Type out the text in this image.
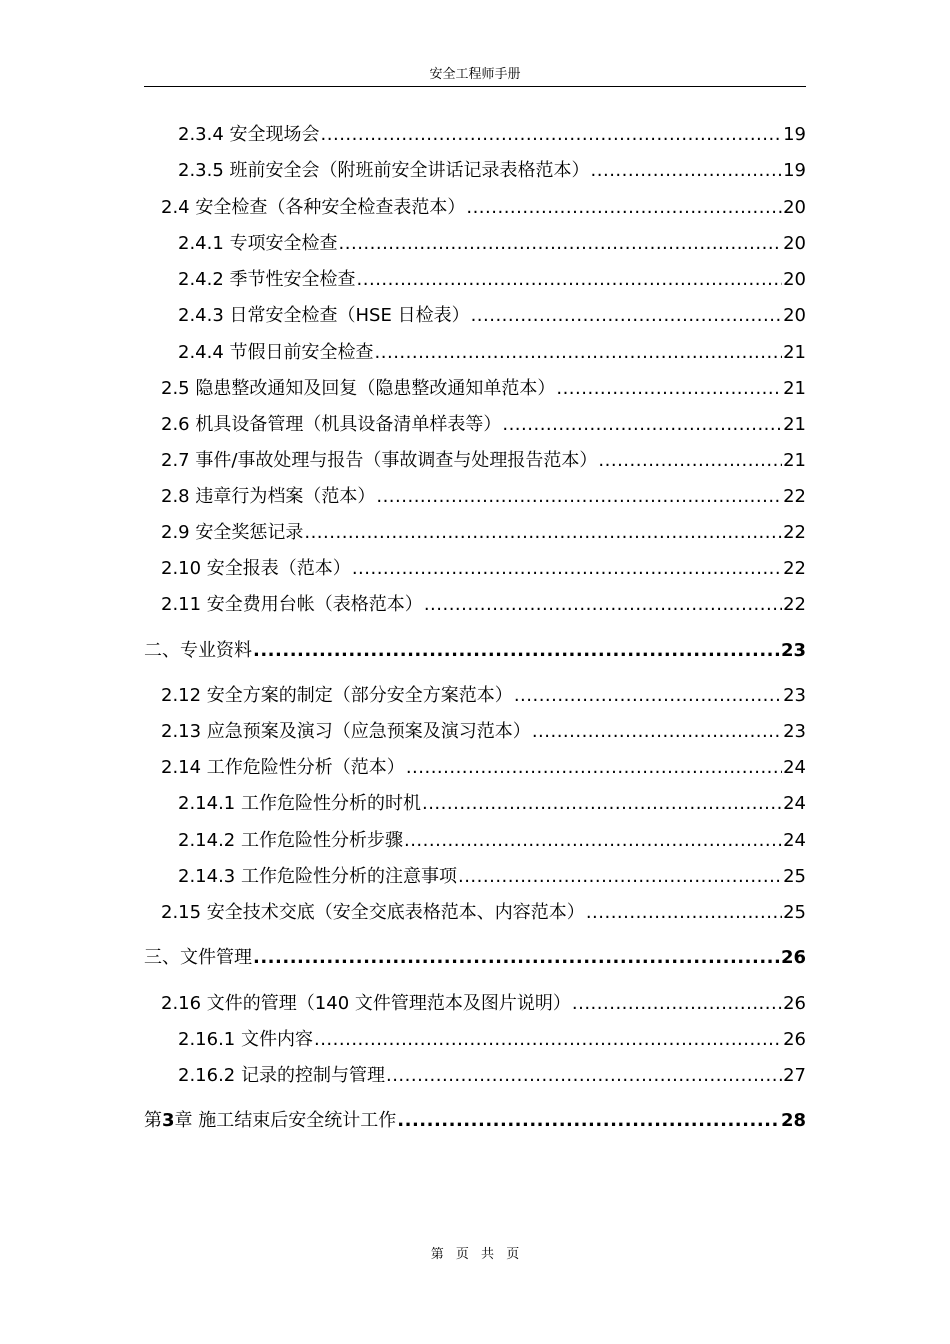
安全工程师手册
2.3.4 安全现场会 .....	19
2.3.5 班前安全会（附班前安全讲话记录表格范本） .....	19
2.4 安全检查（各种安全检查表范本） .....	20
2.4.1 专项安全检查 .....	20
2.4.2 季节性安全检查 .....	20
2.4.3 日常安全检查（HSE 日检表） .....	20
2.4.4 节假日前安全检查 .....	21
2.5 隐患整改通知及回复（隐患整改通知单范本） .....	21
2.6 机具设备管理（机具设备清单样表等） .....	21
2.7 事件/事故处理与报告（事故调查与处理报告范本） .....	21
2.8 违章行为档案（范本） .....	22
2.9 安全奖惩记录 .....	22
2.10 安全报表（范本） .....	22
2.11 安全费用台帐（表格范本） .....	22
二、专业资料 .....	23
2.12 安全方案的制定（部分安全方案范本） .....	23
2.13 应急预案及演习（应急预案及演习范本） .....	23
2.14 工作危险性分析（范本） .....	24
2.14.1 工作危险性分析的时机 .....	24
2.14.2 工作危险性分析步骤 .....	24
2.14.3 工作危险性分析的注意事项 .....	25
2.15 安全技术交底（安全交底表格范本、内容范本） .....	25
三、文件管理 .....	26
2.16 文件的管理（140 文件管理范本及图片说明） .....	26
2.16.1 文件内容 .....	26
2.16.2 记录的控制与管理 .....	27
第3章 施工结束后安全统计工作 .....	28
第 页 共 页
